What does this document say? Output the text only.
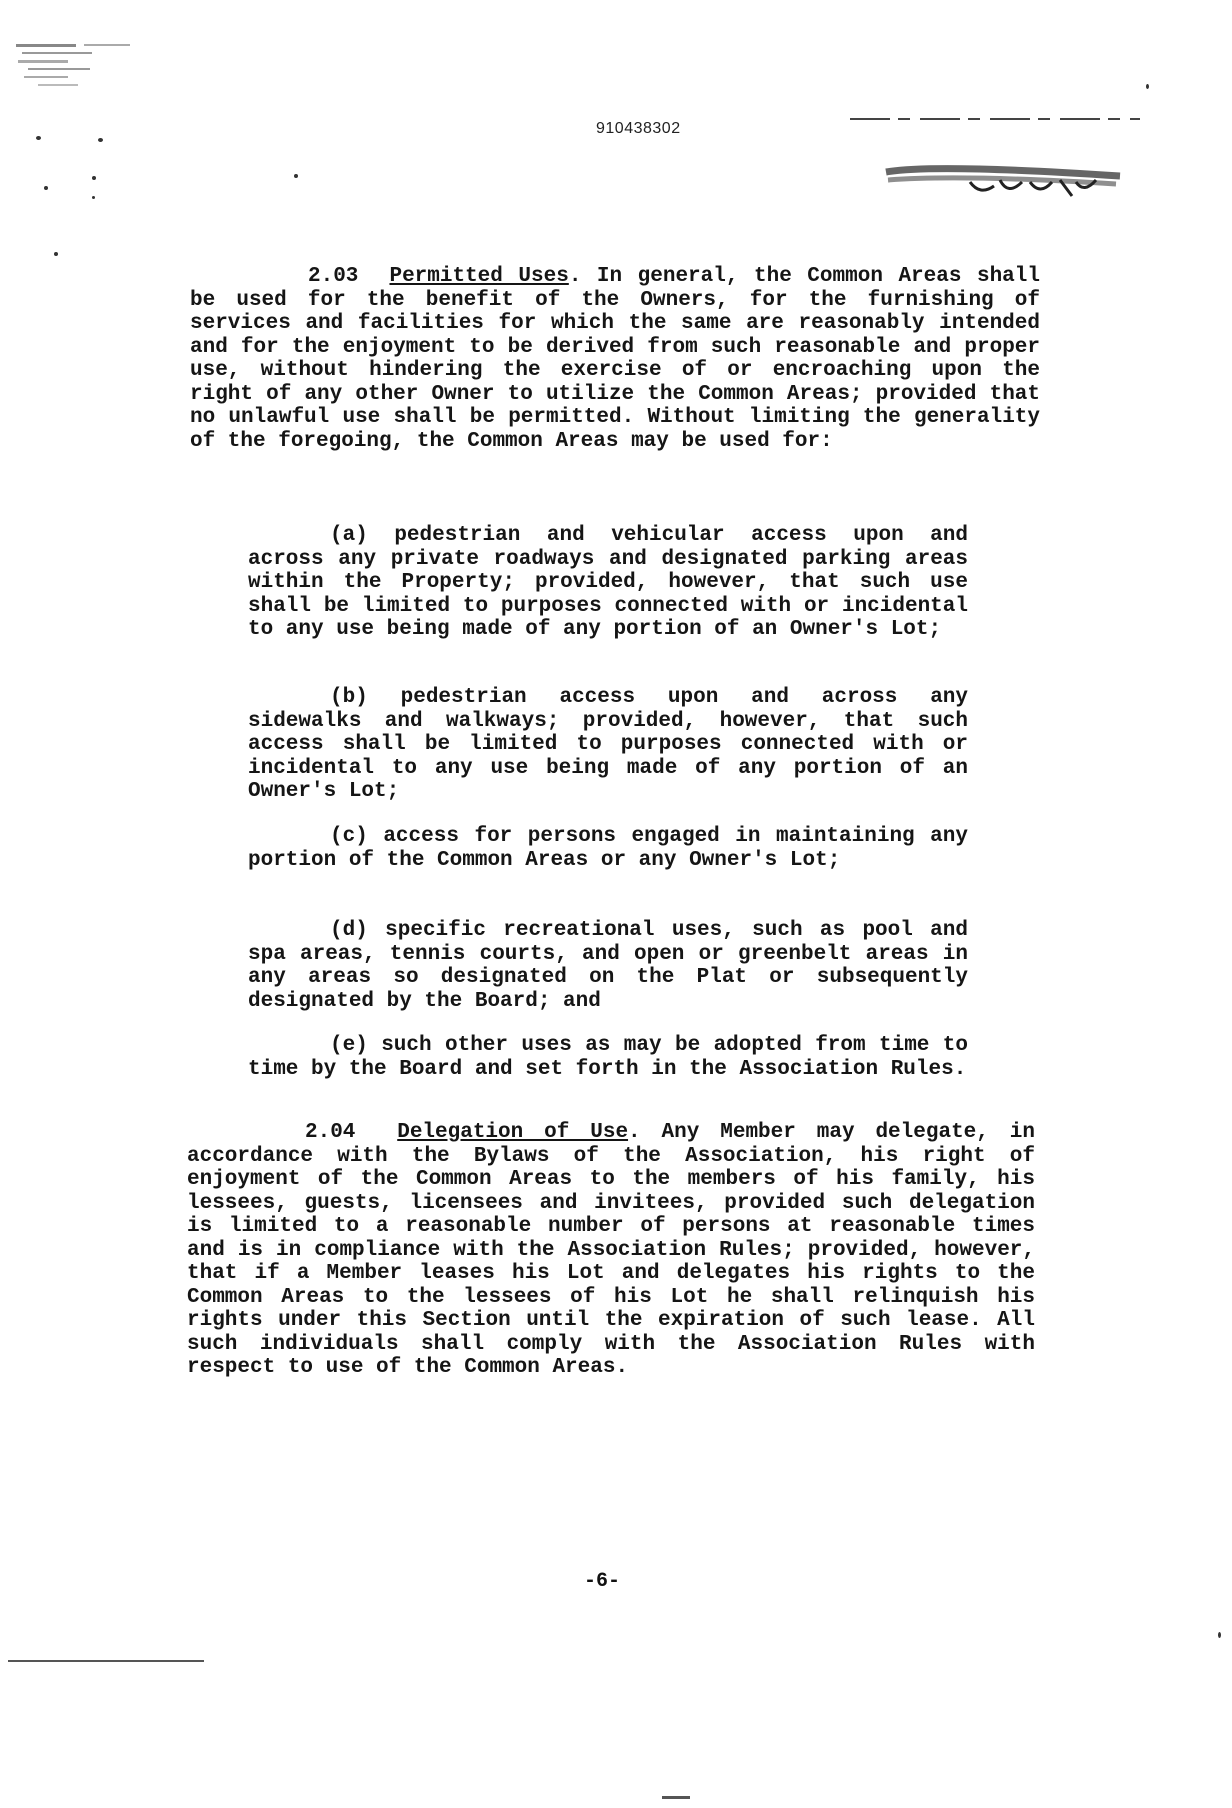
910438302

2.03 Permitted Uses. In general, the Common Areas shall be used for the benefit of the Owners, for the furnishing of services and facilities for which the same are reasonably intended and for the enjoyment to be derived from such reasonable and proper use, without hindering the exercise of or encroaching upon the right of any other Owner to utilize the Common Areas; provided that no unlawful use shall be permitted. Without limiting the generality of the foregoing, the Common Areas may be used for:

(a) pedestrian and vehicular access upon and across any private roadways and designated parking areas within the Property; provided, however, that such use shall be limited to purposes connected with or incidental to any use being made of any portion of an Owner's Lot;

(b) pedestrian access upon and across any sidewalks and walkways; provided, however, that such access shall be limited to purposes connected with or incidental to any use being made of any portion of an Owner's Lot;

(c) access for persons engaged in maintaining any portion of the Common Areas or any Owner's Lot;

(d) specific recreational uses, such as pool and spa areas, tennis courts, and open or greenbelt areas in any areas so designated on the Plat or subsequently designated by the Board; and

(e) such other uses as may be adopted from time to time by the Board and set forth in the Association Rules.

2.04 Delegation of Use. Any Member may delegate, in accordance with the Bylaws of the Association, his right of enjoyment of the Common Areas to the members of his family, his lessees, guests, licensees and invitees, provided such delegation is limited to a reasonable number of persons at reasonable times and is in compliance with the Association Rules; provided, however, that if a Member leases his Lot and delegates his rights to the Common Areas to the lessees of his Lot he shall relinquish his rights under this Section until the expiration of such lease. All such individuals shall comply with the Association Rules with respect to use of the Common Areas.

-6-
